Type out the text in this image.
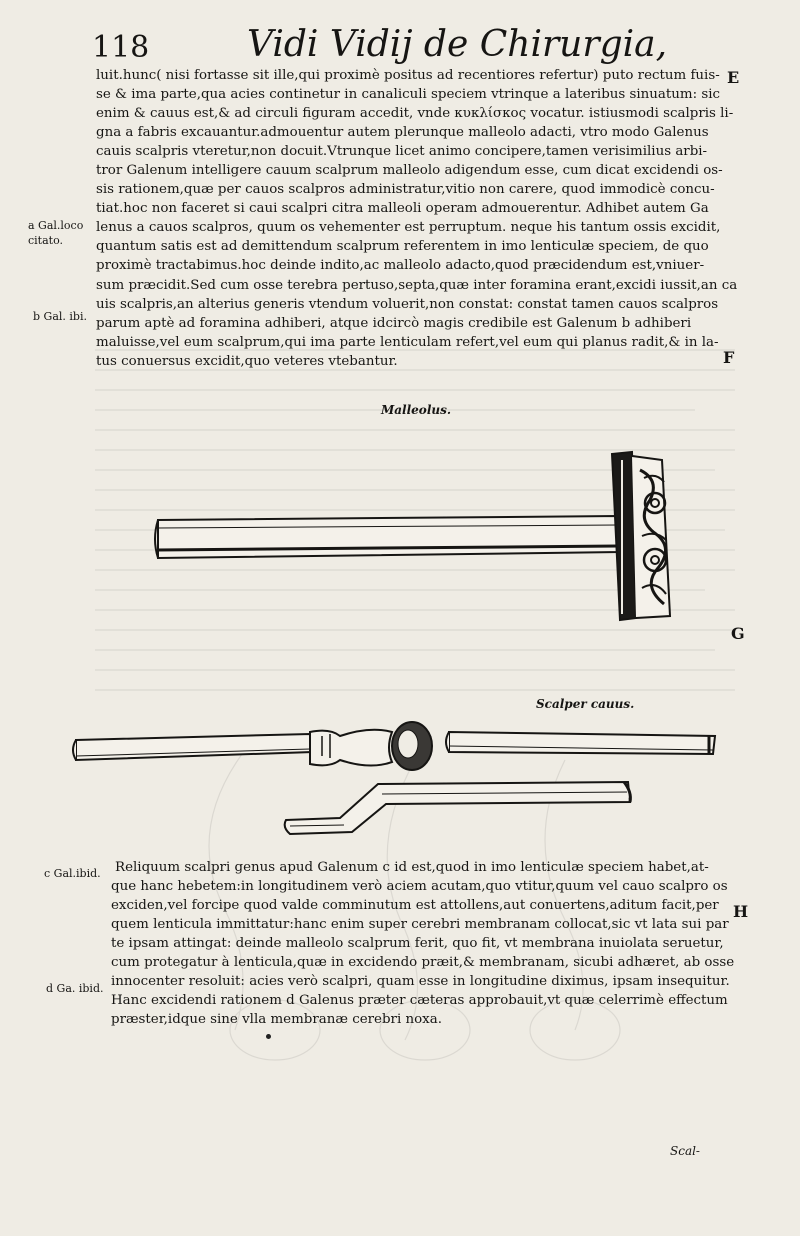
118	Vidi Vidij de Chirurgia,
luit.hunc( nisi fortasse sit ille,qui proximè positus ad recentiores refertur) puto rectum fuis-
se & ima parte,qua acies continetur in canaliculi speciem vtrinque a lateribus sinuatum: sic
enim & cauus est,& ad circuli figuram accedit, vnde κυκλίσκος vocatur. istiusmodi scalpris li-
gna a fabris excauantur.admouentur autem plerunque malleolo adacti, vtro modo Galenus
cauis scalpris vteretur,non docuit.Vtrunque licet animo concipere,tamen verisimilius arbi-
tror Galenum intelligere cauum scalprum malleolo adigendum esse, cum dicat excidendi os-
sis rationem,quæ per cauos scalpros administratur,vitio non carere, quod immodicè concu-
tiat.hoc non faceret si caui scalpri citra malleoli operam admouerentur. Adhibet autem Ga
lenus a cauos scalpros, quum os vehementer est perruptum. neque his tantum ossis excidit,
quantum satis est ad demittendum scalprum referentem in imo lenticulæ speciem, de quo
proximè tractabimus.hoc deinde indito,ac malleolo adacto,quod præcidendum est,vniuer-
sum præcidit.Sed cum osse terebra pertuso,septa,quæ inter foramina erant,excidi iussit,an ca
uis scalpris,an alterius generis vtendum voluerit,non constat: constat tamen cauos scalpros
parum aptè ad foramina adhiberi, atque idcircò magis credibile est Galenum b adhiberi
maluisse,vel eum scalprum,qui ima parte lenticulam refert,vel eum qui planus radit,& in la-
tus conuersus excidit,quo veteres vtebantur.
a Gal.loco
citato.
b Gal. ibi.
E
F
G
H
Malleolus.
Scalper cauus.
c Gal.ibid.
d Ga. ibid.
Reliquum scalpri genus apud Galenum c id est,quod in imo lenticulæ speciem habet,at-
que hanc hebetem:in longitudinem verò aciem acutam,quo vtitur,quum vel cauo scalpro os
exciden,vel forcipe quod valde comminutum est attollens,aut conuertens,aditum facit,per
quem lenticula immittatur:hanc enim super cerebri membranam collocat,sic vt lata sui par
te ipsam attingat: deinde malleolo scalprum ferit, quo fit, vt membrana inuiolata seruetur,
cum protegatur à lenticula,quæ in excidendo præit,& membranam, sicubi adhæret, ab osse
innocenter resoluit: acies verò scalpri, quam esse in longitudine diximus, ipsam insequitur.
Hanc excidendi rationem d Galenus præter cæteras approbauit,vt quæ celerrimè effectum
præster,idque sine vlla membranæ cerebri noxa.
Scal-
